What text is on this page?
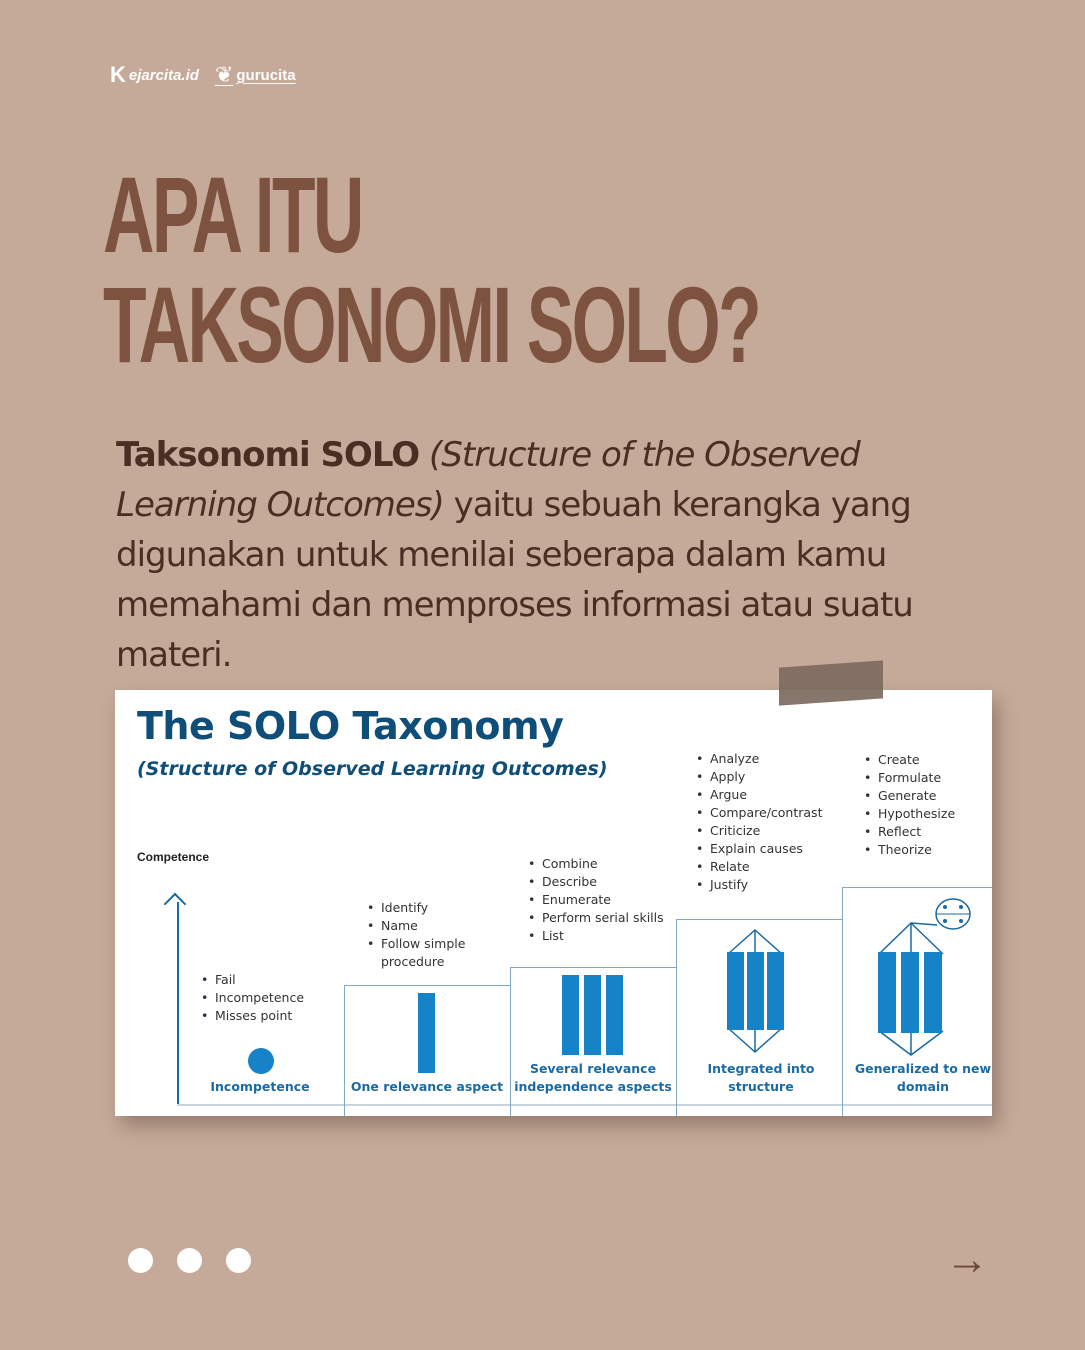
K ejarcita.id ❦ gurucita
APA ITU
TAKSONOMI SOLO?

Taksonomi SOLO (Structure of the Observed Learning Outcomes) yaitu sebuah kerangka yang digunakan untuk menilai seberapa dalam kamu memahami dan memproses informasi atau suatu materi.

The SOLO Taxonomy
(Structure of Observed Learning Outcomes)
Competence
• Fail
• Incompetence
• Misses point
Incompetence
• Identify
• Name
• Follow simple
procedure
One relevance aspect
• Combine
• Describe
• Enumerate
• Perform serial skills
• List
Several relevance
independence aspects
• Analyze
• Apply
• Argue
• Compare/contrast
• Criticize
• Explain causes
• Relate
• Justify
Integrated into
structure
• Create
• Formulate
• Generate
• Hypothesize
• Reflect
• Theorize
Generalized to new
domain
→
